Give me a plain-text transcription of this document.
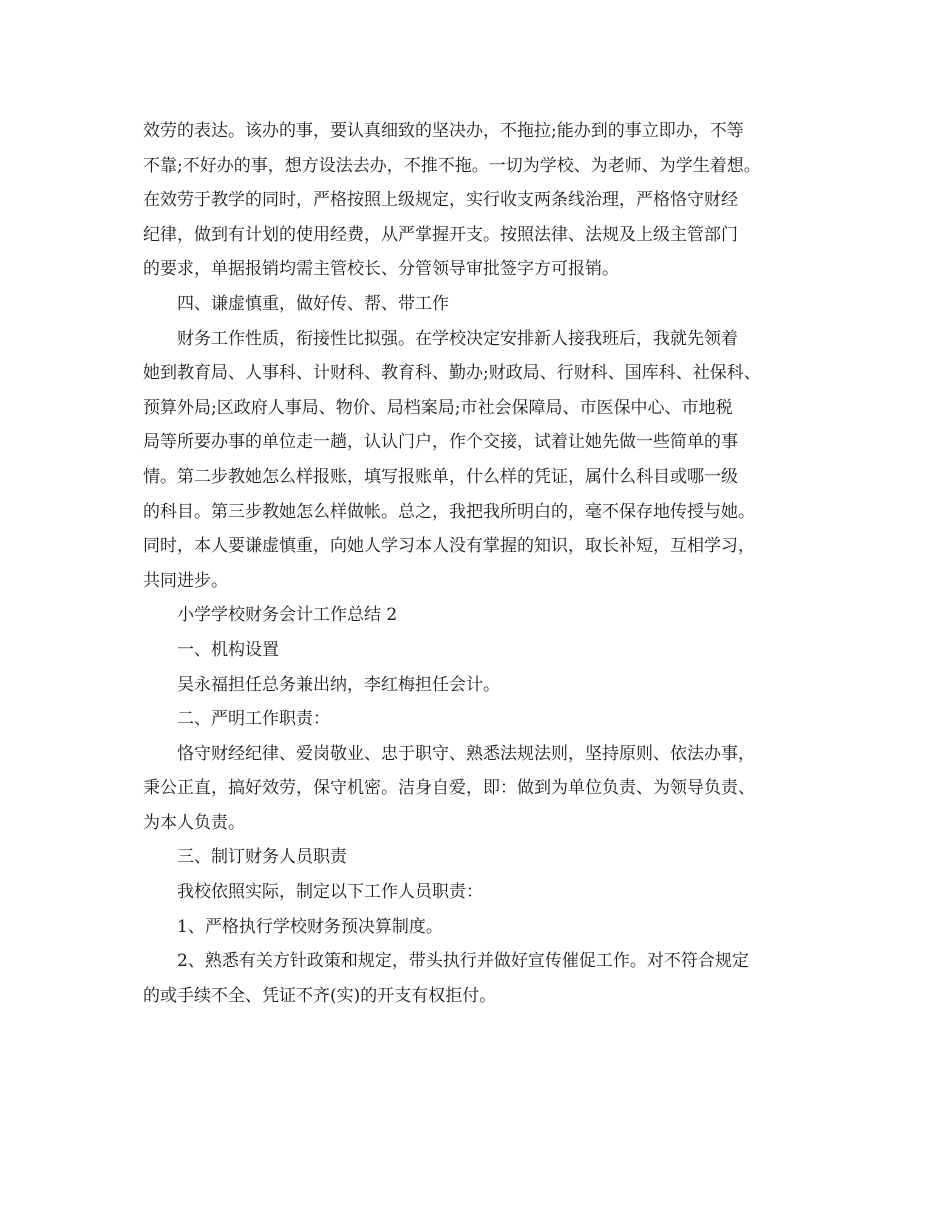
效劳的表达。该办的事，要认真细致的坚决办，不拖拉;能办到的事立即办，不等
不靠;不好办的事，想方设法去办，不推不拖。一切为学校、为老师、为学生着想。
在效劳于教学的同时，严格按照上级规定，实行收支两条线治理，严格恪守财经
纪律，做到有计划的使用经费，从严掌握开支。按照法律、法规及上级主管部门
的要求，单据报销均需主管校长、分管领导审批签字方可报销。
四、谦虚慎重，做好传、帮、带工作
财务工作性质，衔接性比拟强。在学校决定安排新人接我班后，我就先领着
她到教育局、人事科、计财科、教育科、勤办;财政局、行财科、国库科、社保科、
预算外局;区政府人事局、物价、局档案局;市社会保障局、市医保中心、市地税
局等所要办事的单位走一趟，认认门户，作个交接，试着让她先做一些简单的事
情。第二步教她怎么样报账，填写报账单，什么样的凭证，属什么科目或哪一级
的科目。第三步教她怎么样做帐。总之，我把我所明白的，毫不保存地传授与她。
同时，本人要谦虚慎重，向她人学习本人没有掌握的知识，取长补短，互相学习，
共同进步。
小学学校财务会计工作总结 2
一、机构设置
吴永福担任总务兼出纳，李红梅担任会计。
二、严明工作职责：
恪守财经纪律、爱岗敬业、忠于职守、熟悉法规法则，坚持原则、依法办事，
秉公正直，搞好效劳，保守机密。洁身自爱，即：做到为单位负责、为领导负责、
为本人负责。
三、制订财务人员职责
我校依照实际，制定以下工作人员职责：
1、严格执行学校财务预决算制度。
2、熟悉有关方针政策和规定，带头执行并做好宣传催促工作。对不符合规定
的或手续不全、凭证不齐(实)的开支有权拒付。
